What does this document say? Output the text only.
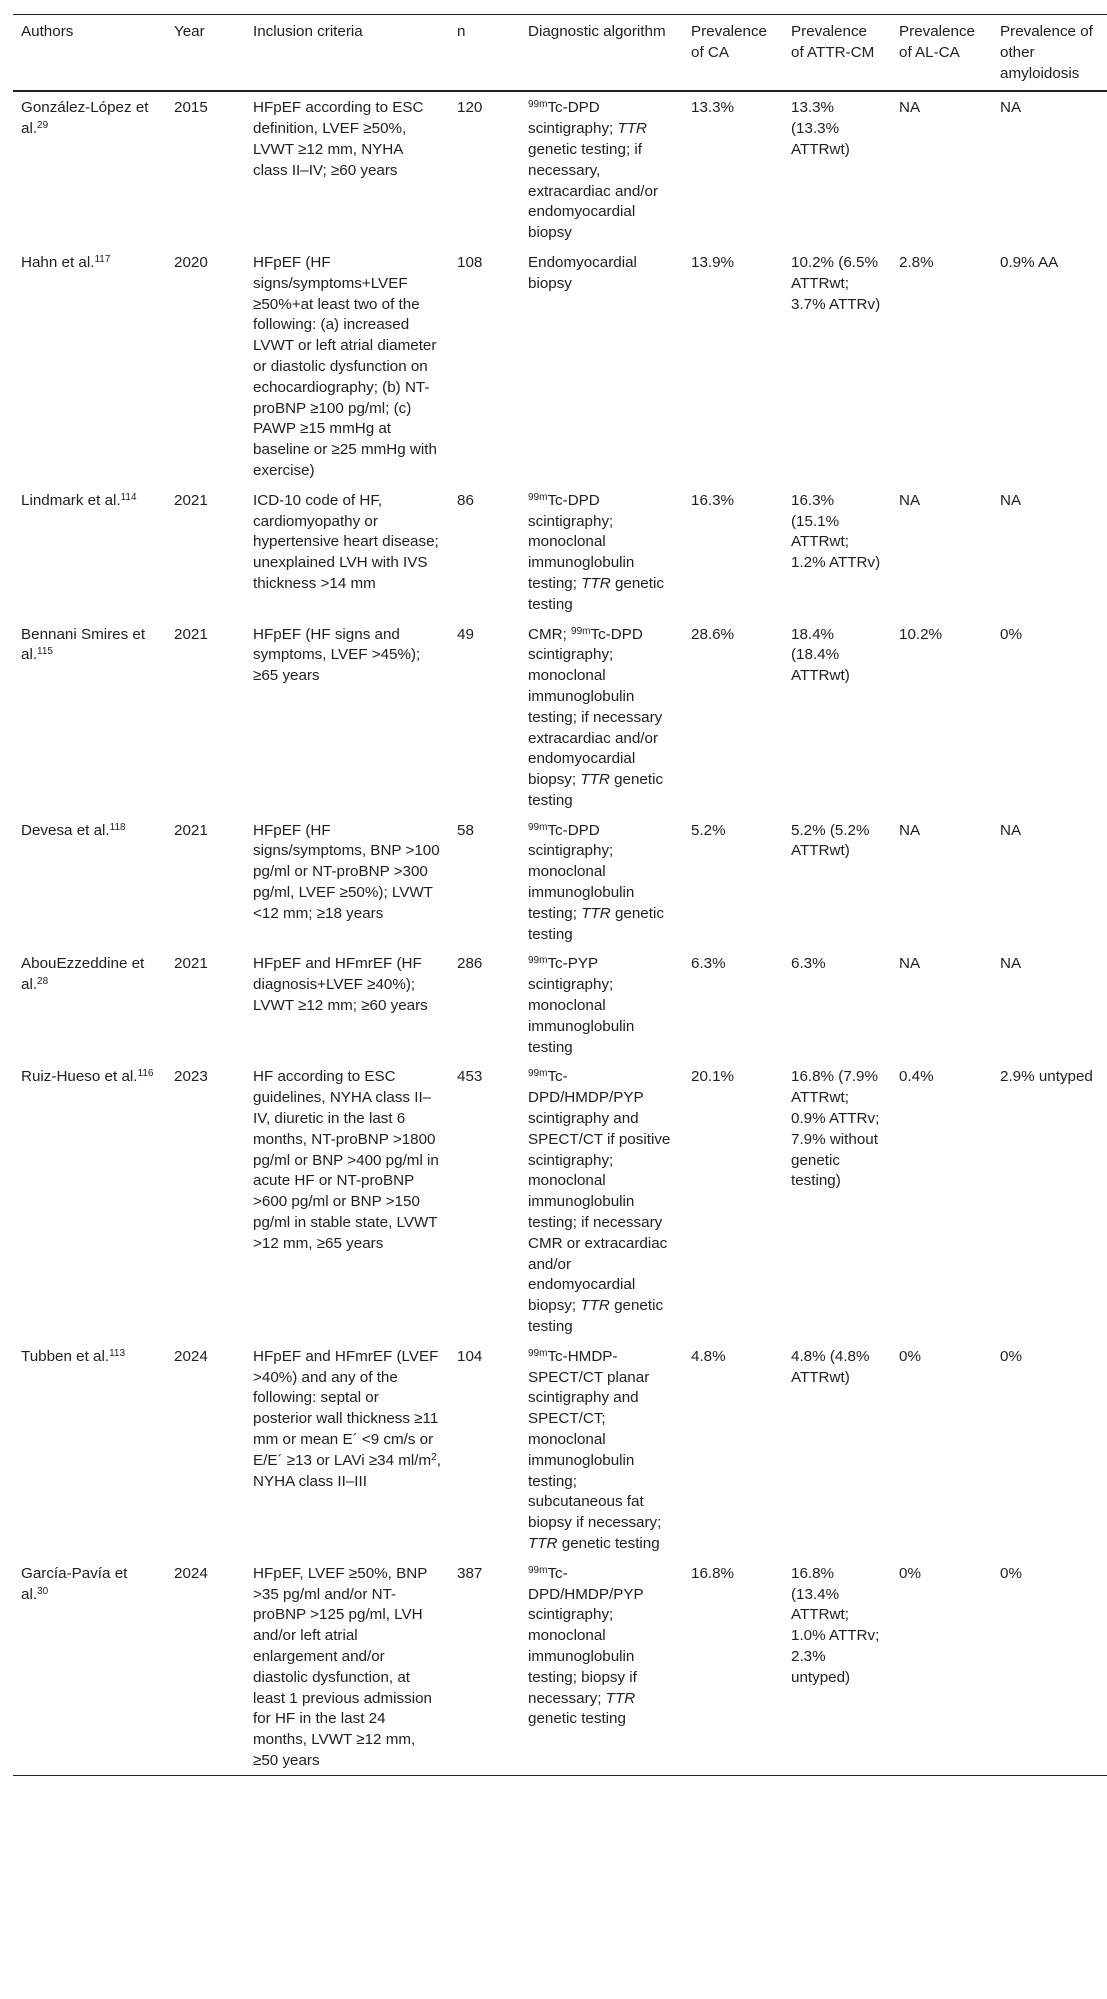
Authors	Year	Inclusion criteria	n	Diagnostic algorithm	Prevalence of CA	Prevalence of ATTR-CM	Prevalence of AL-CA	Prevalence of other amyloidosis
González-López et al.$^{29}$	2015	HFpEF according to ESC definition, LVEF ≥50%, LVWT ≥12 mm, NYHA class II–IV; ≥60 years	120	$^{99m}$Tc-DPD scintigraphy; TTR genetic testing; if necessary, extracardiac and/or endomyocardial biopsy	13.3%	13.3% (13.3% ATTRwt)	NA	NA
Hahn et al.$^{117}$	2020	HFpEF (HF signs/symptoms+LVEF ≥50%+at least two of the following: (a) increased LVWT or left atrial diameter or diastolic dysfunction on echocardiography; (b) NT-proBNP ≥100 pg/ml; (c) PAWP ≥15 mmHg at baseline or ≥25 mmHg with exercise)	108	Endomyocardial biopsy	13.9%	10.2% (6.5% ATTRwt; 3.7% ATTRv)	2.8%	0.9% AA
Lindmark et al.$^{114}$	2021	ICD-10 code of HF, cardiomyopathy or hypertensive heart disease; unexplained LVH with IVS thickness >14 mm	86	$^{99m}$Tc-DPD scintigraphy; monoclonal immunoglobulin testing; TTR genetic testing	16.3%	16.3% (15.1% ATTRwt; 1.2% ATTRv)	NA	NA
Bennani Smires et al.$^{115}$	2021	HFpEF (HF signs and symptoms, LVEF >45%); ≥65 years	49	CMR; $^{99m}$Tc-DPD scintigraphy; monoclonal immunoglobulin testing; if necessary extracardiac and/or endomyocardial biopsy; TTR genetic testing	28.6%	18.4% (18.4% ATTRwt)	10.2%	0%
Devesa et al.$^{118}$	2021	HFpEF (HF signs/symptoms, BNP >100 pg/ml or NT-proBNP >300 pg/ml, LVEF ≥50%); LVWT <12 mm; ≥18 years	58	$^{99m}$Tc-DPD scintigraphy; monoclonal immunoglobulin testing; TTR genetic testing	5.2%	5.2% (5.2% ATTRwt)	NA	NA
AbouEzzeddine et al.$^{28}$	2021	HFpEF and HFmrEF (HF diagnosis+LVEF ≥40%); LVWT ≥12 mm; ≥60 years	286	$^{99m}$Tc-PYP scintigraphy; monoclonal immunoglobulin testing	6.3%	6.3%	NA	NA
Ruiz-Hueso et al.$^{116}$	2023	HF according to ESC guidelines, NYHA class II–IV, diuretic in the last 6 months, NT-proBNP >1800 pg/ml or BNP >400 pg/ml in acute HF or NT-proBNP >600 pg/ml or BNP >150 pg/ml in stable state, LVWT >12 mm, ≥65 years	453	$^{99m}$Tc-DPD/HMDP/PYP scintigraphy and SPECT/CT if positive scintigraphy; monoclonal immunoglobulin testing; if necessary CMR or extracardiac and/or endomyocardial biopsy; TTR genetic testing	20.1%	16.8% (7.9% ATTRwt; 0.9% ATTRv; 7.9% without genetic testing)	0.4%	2.9% untyped
Tubben et al.$^{113}$	2024	HFpEF and HFmrEF (LVEF >40%) and any of the following: septal or posterior wall thickness ≥11 mm or mean E´ <9 cm/s or E/E´ ≥13 or LAVi ≥34 $ml/m^2$, NYHA class II–III	104	$^{99m}$Tc-HMDP-SPECT/CT planar scintigraphy and SPECT/CT; monoclonal immunoglobulin testing; subcutaneous fat biopsy if necessary; TTR genetic testing	4.8%	4.8% (4.8% ATTRwt)	0%	0%
García-Pavía et al.$^{30}$	2024	HFpEF, LVEF ≥50%, BNP >35 pg/ml and/or NT-proBNP >125 pg/ml, LVH and/or left atrial enlargement and/or diastolic dysfunction, at least 1 previous admission for HF in the last 24 months, LVWT ≥12 mm, ≥50 years	387	$^{99m}$Tc-DPD/HMDP/PYP scintigraphy; monoclonal immunoglobulin testing; biopsy if necessary; TTR genetic testing	16.8%	16.8% (13.4% ATTRwt; 1.0% ATTRv; 2.3% untyped)	0%	0%
